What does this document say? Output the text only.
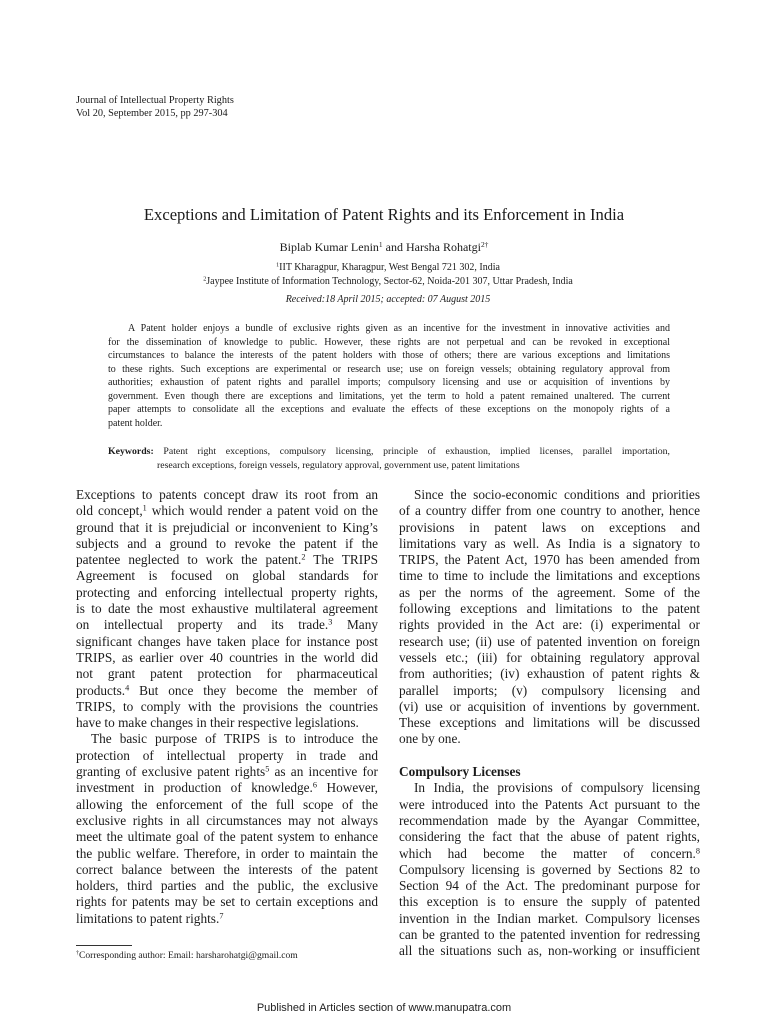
Journal of Intellectual Property Rights
Vol 20, September 2015, pp 297-304
Exceptions and Limitation of Patent Rights and its Enforcement in India
Biplab Kumar Lenin$^1$ and Harsha Rohatgi$^{2\dagger}$
$^1$IIT Kharagpur, Kharagpur, West Bengal 721 302, India
$^2$Jaypee Institute of Information Technology, Sector-62, Noida-201 307, Uttar Pradesh, India
Received:18 April 2015; accepted: 07 August 2015
A Patent holder enjoys a bundle of exclusive rights given as an incentive for the investment in innovative activities and
for the dissemination of knowledge to public. However, these rights are not perpetual and can be revoked in exceptional
circumstances to balance the interests of the patent holders with those of others; there are various exceptions and limitations
to these rights. Such exceptions are experimental or research use; use on foreign vessels; obtaining regulatory approval from
authorities; exhaustion of patent rights and parallel imports; compulsory licensing and use or acquisition of inventions by
government. Even though there are exceptions and limitations, yet the term to hold a patent remained unaltered. The current
paper attempts to consolidate all the exceptions and evaluate the effects of these exceptions on the monopoly rights of a
patent holder.
Keywords: Patent right exceptions, compulsory licensing, principle of exhaustion, implied licenses, parallel importation,
research exceptions, foreign vessels, regulatory approval, government use, patent limitations
Exceptions to patents concept draw its root from an
old concept,$^1$ which would render a patent void on the
ground that it is prejudicial or inconvenient to King’s
subjects and a ground to revoke the patent if the
patentee neglected to work the patent.$^2$ The TRIPS
Agreement is focused on global standards for
protecting and enforcing intellectual property rights,
is to date the most exhaustive multilateral agreement
on intellectual property and its trade.$^3$ Many
significant changes have taken place for instance post
TRIPS, as earlier over 40 countries in the world did
not grant patent protection for pharmaceutical
products.$^4$ But once they become the member of
TRIPS, to comply with the provisions the countries
have to make changes in their respective legislations.
The basic purpose of TRIPS is to introduce the
protection of intellectual property in trade and
granting of exclusive patent rights$^5$ as an incentive for
investment in production of knowledge.$^6$ However,
allowing the enforcement of the full scope of the
exclusive rights in all circumstances may not always
meet the ultimate goal of the patent system to enhance
the public welfare. Therefore, in order to maintain the
correct balance between the interests of the patent
holders, third parties and the public, the exclusive
rights for patents may be set to certain exceptions and
limitations to patent rights.$^7$
Since the socio-economic conditions and priorities
of a country differ from one country to another, hence
provisions in patent laws on exceptions and
limitations vary as well. As India is a signatory to
TRIPS, the Patent Act, 1970 has been amended from
time to time to include the limitations and exceptions
as per the norms of the agreement. Some of the
following exceptions and limitations to the patent
rights provided in the Act are: (i) experimental or
research use; (ii) use of patented invention on foreign
vessels etc.; (iii) for obtaining regulatory approval
from authorities; (iv) exhaustion of patent rights &
parallel imports; (v) compulsory licensing and
(vi) use or acquisition of inventions by government.
These exceptions and limitations will be discussed
one by one.
Compulsory Licenses
In India, the provisions of compulsory licensing
were introduced into the Patents Act pursuant to the
recommendation made by the Ayangar Committee,
considering the fact that the abuse of patent rights,
which had become the matter of concern.$^8$
Compulsory licensing is governed by Sections 82 to
Section 94 of the Act. The predominant purpose for
this exception is to ensure the supply of patented
invention in the Indian market. Compulsory licenses
can be granted to the patented invention for redressing
all the situations such as, non-working or insufficient
†Corresponding author: Email: harsharohatgi@gmail.com
Published in Articles section of www.manupatra.com
